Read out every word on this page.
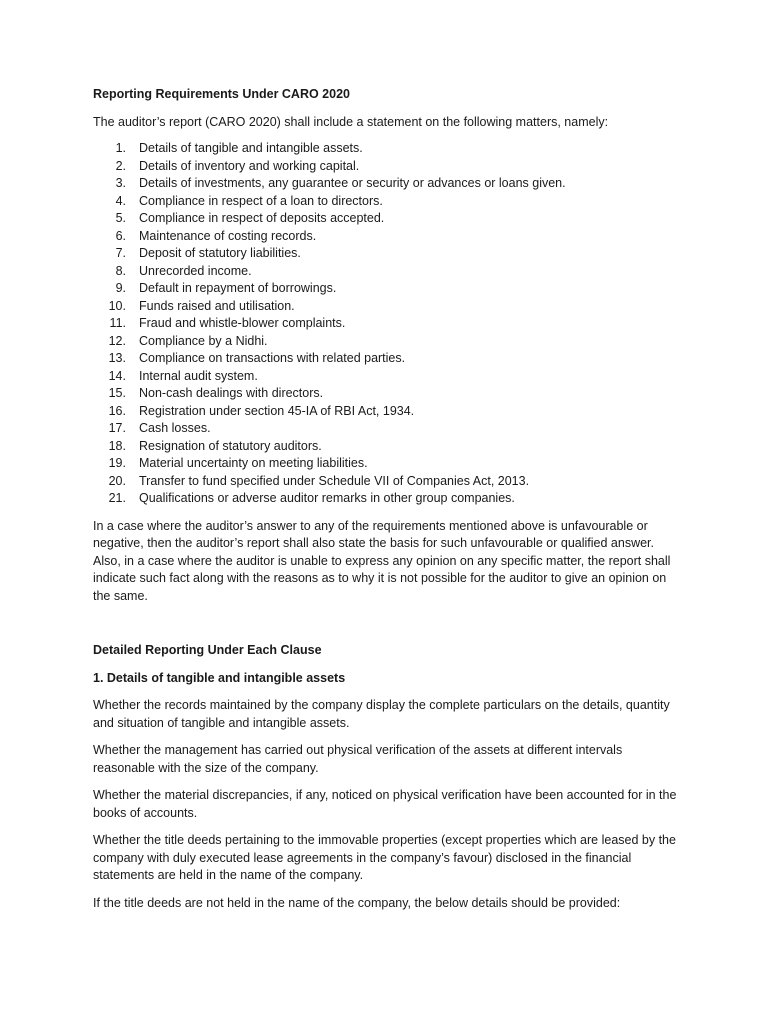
Reporting Requirements Under CARO 2020

The auditor’s report (CARO 2020) shall include a statement on the following matters, namely:

1. Details of tangible and intangible assets.
2. Details of inventory and working capital.
3. Details of investments, any guarantee or security or advances or loans given.
4. Compliance in respect of a loan to directors.
5. Compliance in respect of deposits accepted.
6. Maintenance of costing records.
7. Deposit of statutory liabilities.
8. Unrecorded income.
9. Default in repayment of borrowings.
10. Funds raised and utilisation.
11. Fraud and whistle-blower complaints.
12. Compliance by a Nidhi.
13. Compliance on transactions with related parties.
14. Internal audit system.
15. Non-cash dealings with directors.
16. Registration under section 45-IA of RBI Act, 1934.
17. Cash losses.
18. Resignation of statutory auditors.
19. Material uncertainty on meeting liabilities.
20. Transfer to fund specified under Schedule VII of Companies Act, 2013.
21. Qualifications or adverse auditor remarks in other group companies.

In a case where the auditor’s answer to any of the requirements mentioned above is unfavourable or negative, then the auditor’s report shall also state the basis for such unfavourable or qualified answer. Also, in a case where the auditor is unable to express any opinion on any specific matter, the report shall indicate such fact along with the reasons as to why it is not possible for the auditor to give an opinion on the same.

Detailed Reporting Under Each Clause

1. Details of tangible and intangible assets

Whether the records maintained by the company display the complete particulars on the details, quantity and situation of tangible and intangible assets.

Whether the management has carried out physical verification of the assets at different intervals reasonable with the size of the company.

Whether the material discrepancies, if any, noticed on physical verification have been accounted for in the books of accounts.

Whether the title deeds pertaining to the immovable properties (except properties which are leased by the company with duly executed lease agreements in the company’s favour) disclosed in the financial statements are held in the name of the company.

If the title deeds are not held in the name of the company, the below details should be provided:
